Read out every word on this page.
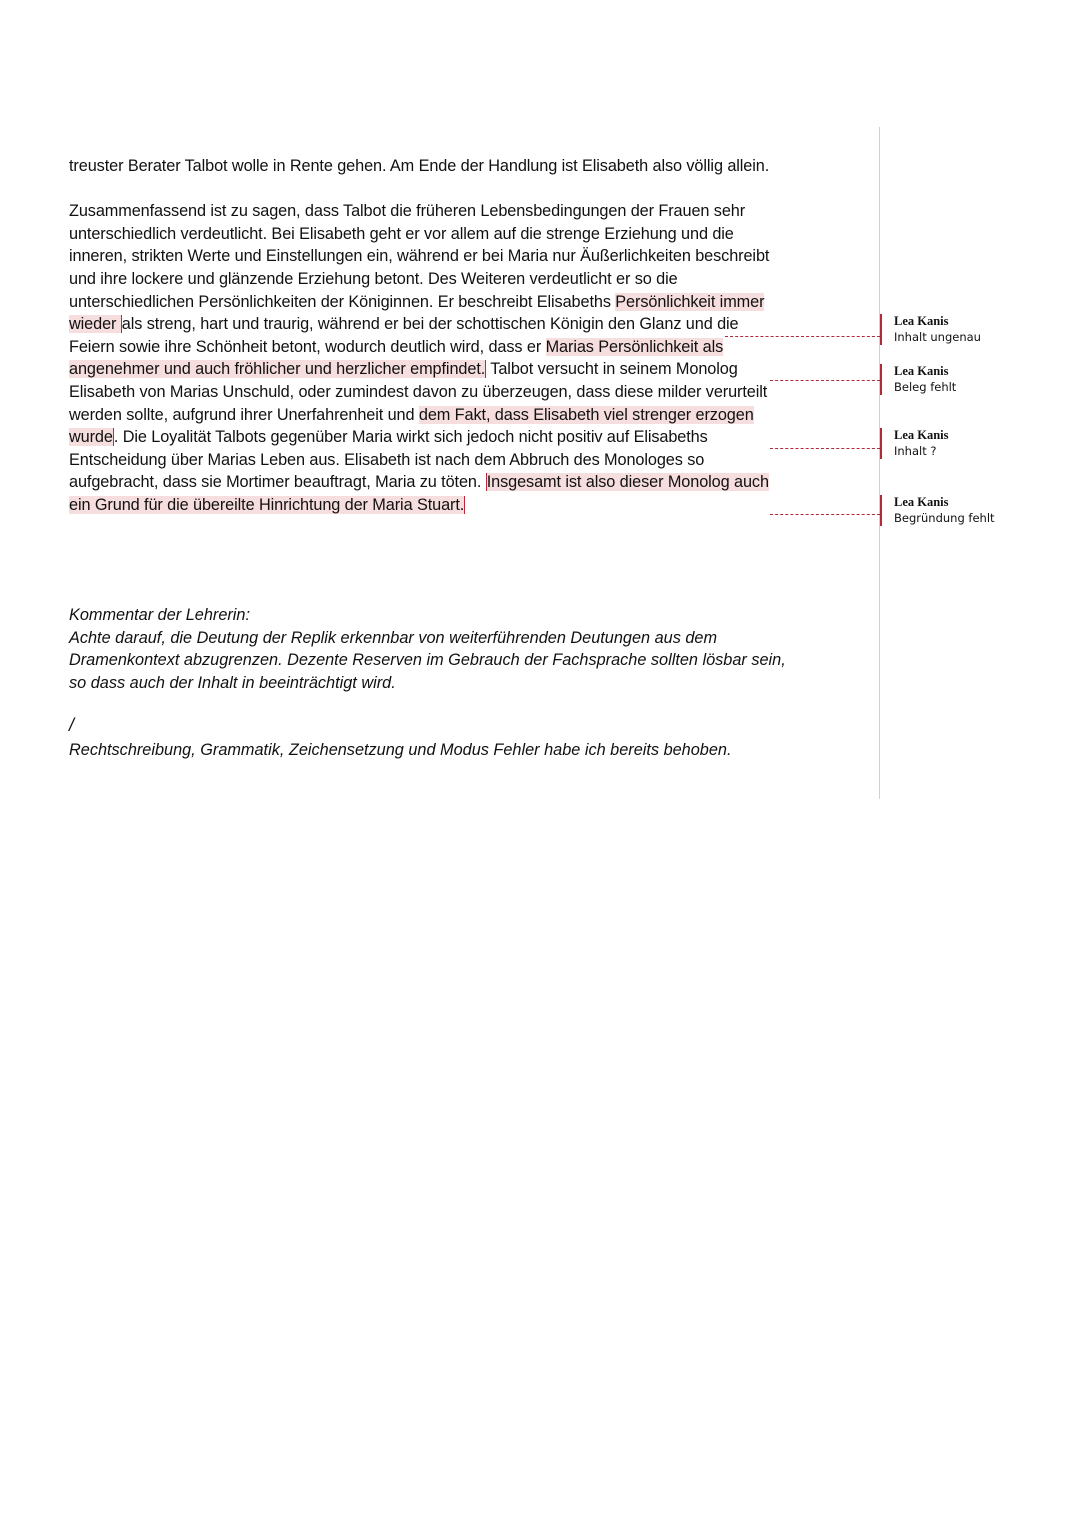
treuster Berater Talbot wolle in Rente gehen. Am Ende der Handlung ist Elisabeth also völlig allein.

Zusammenfassend ist zu sagen, dass Talbot die früheren Lebensbedingungen der Frauen sehr unterschiedlich verdeutlicht. Bei Elisabeth geht er vor allem auf die strenge Erziehung und die inneren, strikten Werte und Einstellungen ein, während er bei Maria nur Äußerlichkeiten beschreibt und ihre lockere und glänzende Erziehung betont. Des Weiteren verdeutlicht er so die unterschiedlichen Persönlichkeiten der Königinnen. Er beschreibt Elisabeths Persönlichkeit immer wieder als streng, hart und traurig, während er bei der schottischen Königin den Glanz und die Feiern sowie ihre Schönheit betont, wodurch deutlich wird, dass er Marias Persönlichkeit als angenehmer und auch fröhlicher und herzlicher empfindet. Talbot versucht in seinem Monolog Elisabeth von Marias Unschuld, oder zumindest davon zu überzeugen, dass diese milder verurteilt werden sollte, aufgrund ihrer Unerfahrenheit und dem Fakt, dass Elisabeth viel strenger erzogen wurde. Die Loyalität Talbots gegenüber Maria wirkt sich jedoch nicht positiv auf Elisabeths Entscheidung über Marias Leben aus. Elisabeth ist nach dem Abbruch des Monologes so aufgebracht, dass sie Mortimer beauftragt, Maria zu töten. Insgesamt ist also dieser Monolog auch ein Grund für die übereilte Hinrichtung der Maria Stuart.

Kommentar der Lehrerin:
Achte darauf, die Deutung der Replik erkennbar von weiterführenden Deutungen aus dem Dramenkontext abzugrenzen. Dezente Reserven im Gebrauch der Fachsprache sollten lösbar sein, so dass auch der Inhalt in beeinträchtigt wird.
/
Rechtschreibung, Grammatik, Zeichensetzung und Modus Fehler habe ich bereits behoben.
Lea Kanis
Inhalt ungenau
Lea Kanis
Beleg fehlt
Lea Kanis
Inhalt ?
Lea Kanis
Begründung fehlt
